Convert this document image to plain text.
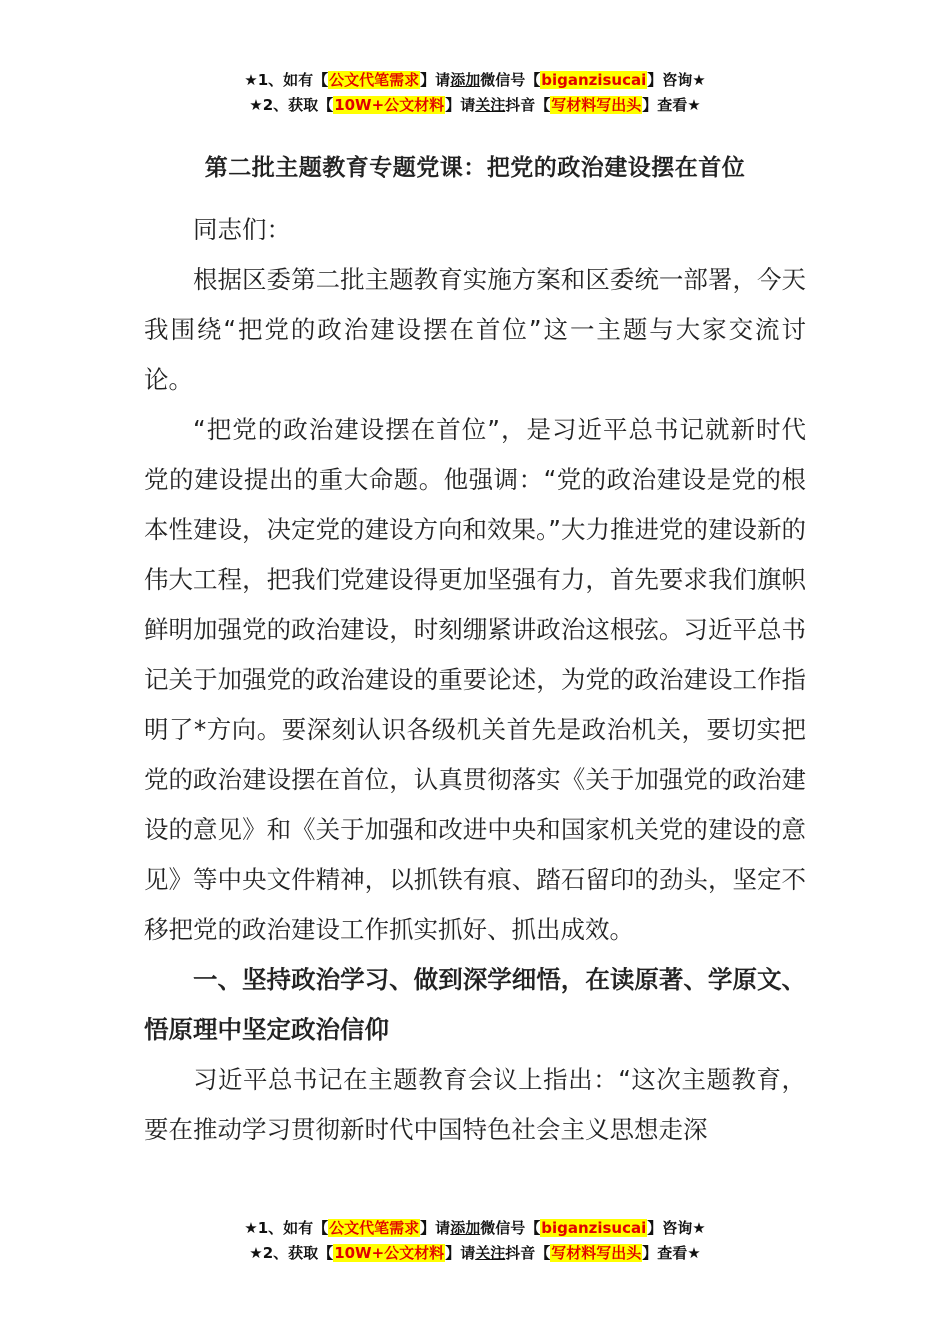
★1、如有【公文代笔需求】请添加微信号【biganzisucai】咨询★
★2、获取【10W+公文材料】请关注抖音【写材料写出头】查看★
第二批主题教育专题党课：把党的政治建设摆在首位

同志们：

根据区委第二批主题教育实施方案和区委统一部署，今天我围绕“把党的政治建设摆在首位”这一主题与大家交流讨论。

“把党的政治建设摆在首位”，是习近平总书记就新时代党的建设提出的重大命题。他强调：“党的政治建设是党的根本性建设，决定党的建设方向和效果。”大力推进党的建设新的伟大工程，把我们党建设得更加坚强有力，首先要求我们旗帜鲜明加强党的政治建设，时刻绷紧讲政治这根弦。习近平总书记关于加强党的政治建设的重要论述，为党的政治建设工作指明了*方向。要深刻认识各级机关首先是政治机关，要切实把党的政治建设摆在首位，认真贯彻落实《关于加强党的政治建设的意见》和《关于加强和改进中央和国家机关党的建设的意见》等中央文件精神，以抓铁有痕、踏石留印的劲头，坚定不移把党的政治建设工作抓实抓好、抓出成效。

一、坚持政治学习、做到深学细悟，在读原著、学原文、悟原理中坚定政治信仰

习近平总书记在主题教育会议上指出：“这次主题教育，要在推动学习贯彻新时代中国特色社会主义思想走深

★1、如有【公文代笔需求】请添加微信号【biganzisucai】咨询★
★2、获取【10W+公文材料】请关注抖音【写材料写出头】查看★
